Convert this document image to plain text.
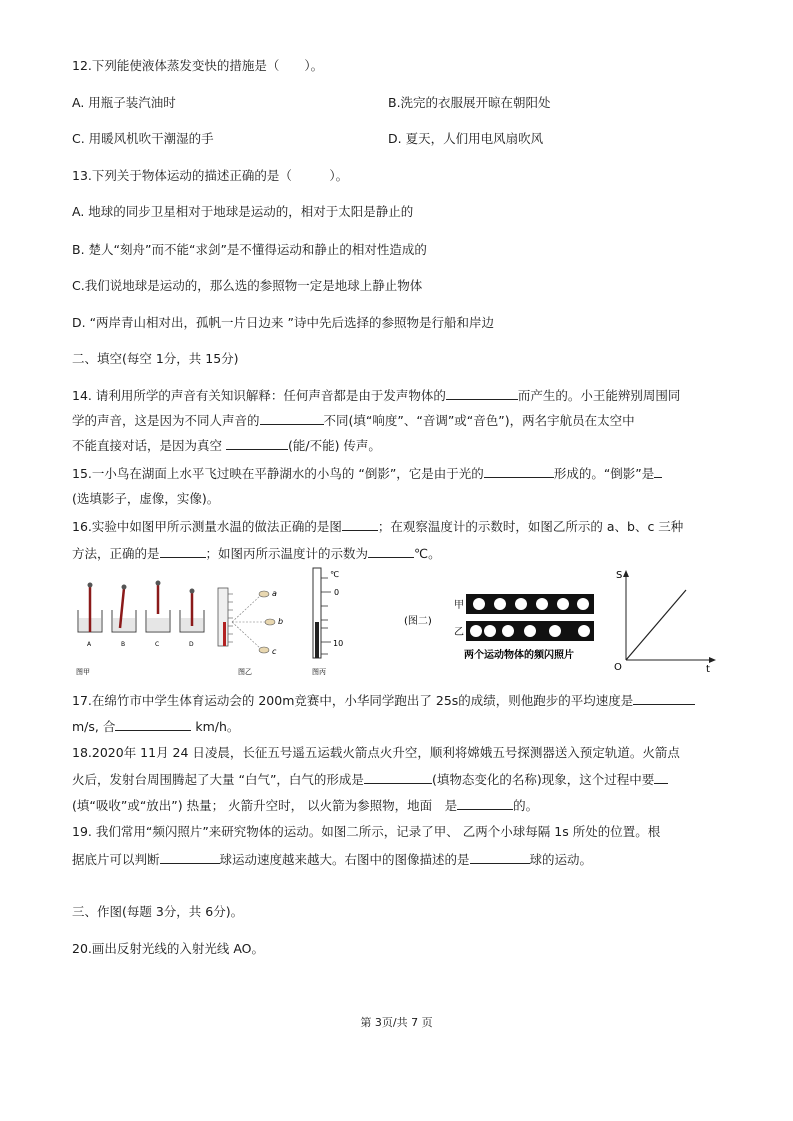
12.下列能使液体蒸发变快的措施是（　　）。
A. 用瓶子装汽油时	B.洗完的衣服展开晾在朝阳处
C. 用暖风机吹干潮湿的手	D. 夏天，人们用电风扇吹风
13.下列关于物体运动的描述正确的是（　　　）。
A. 地球的同步卫星相对于地球是运动的，相对于太阳是静止的
B. 楚人“刻舟”而不能“求剑”是不懂得运动和静止的相对性造成的
C.我们说地球是运动的，那么选的参照物一定是地球上静止物体
D. “两岸青山相对出，孤帆一片日边来 ”诗中先后选择的参照物是行船和岸边
二、填空(每空 1分，共 15分)
14. 请利用所学的声音有关知识解释：任何声音都是由于发声物体的	而产生的。小王能辨别周围同
学的声音，这是因为不同人声音的	不同(填“响度”、“音调”或“音色”)，两名宇航员在太空中
不能直接对话，是因为真空	(能/不能) 传声。
15.一小鸟在湖面上水平飞过映在平静湖水的小鸟的 “倒影”，它是由于光的	形成的。“倒影”是
(选填影子，虚像，实像)。
16.实验中如图甲所示测量水温的做法正确的是图	；在观察温度计的示数时，如图乙所示的 a、b、c 三种
方法，正确的是	；如图丙所示温度计的示数为	℃。
A	B	C	D
图甲
a
b
c
图乙
℃
0
10
图丙
(图二)
甲
乙
两个运动物体的频闪照片
S
O	t
17.在绵竹市中学生体育运动会的 200m竞赛中，小华同学跑出了 25s的成绩，则他跑步的平均速度是
m/s, 合	km/h。
18.2020年 11月 24 日凌晨，长征五号遥五运载火箭点火升空，顺利将嫦娥五号探测器送入预定轨道。火箭点
火后，发射台周围腾起了大量 “白气”，白气的形成是	(填物态变化的名称)现象，这个过程中要
(填“吸收”或“放出”) 热量； 火箭升空时， 以火箭为参照物，地面　是	的。
19. 我们常用“频闪照片”来研究物体的运动。如图二所示，记录了甲、 乙两个小球每隔 1s 所处的位置。根
据底片可以判断	球运动速度越来越大。右图中的图像描述的是	球的运动。
三、作图(每题 3分，共 6分)。
20.画出反射光线的入射光线 AO。
第 3页/共 7 页
